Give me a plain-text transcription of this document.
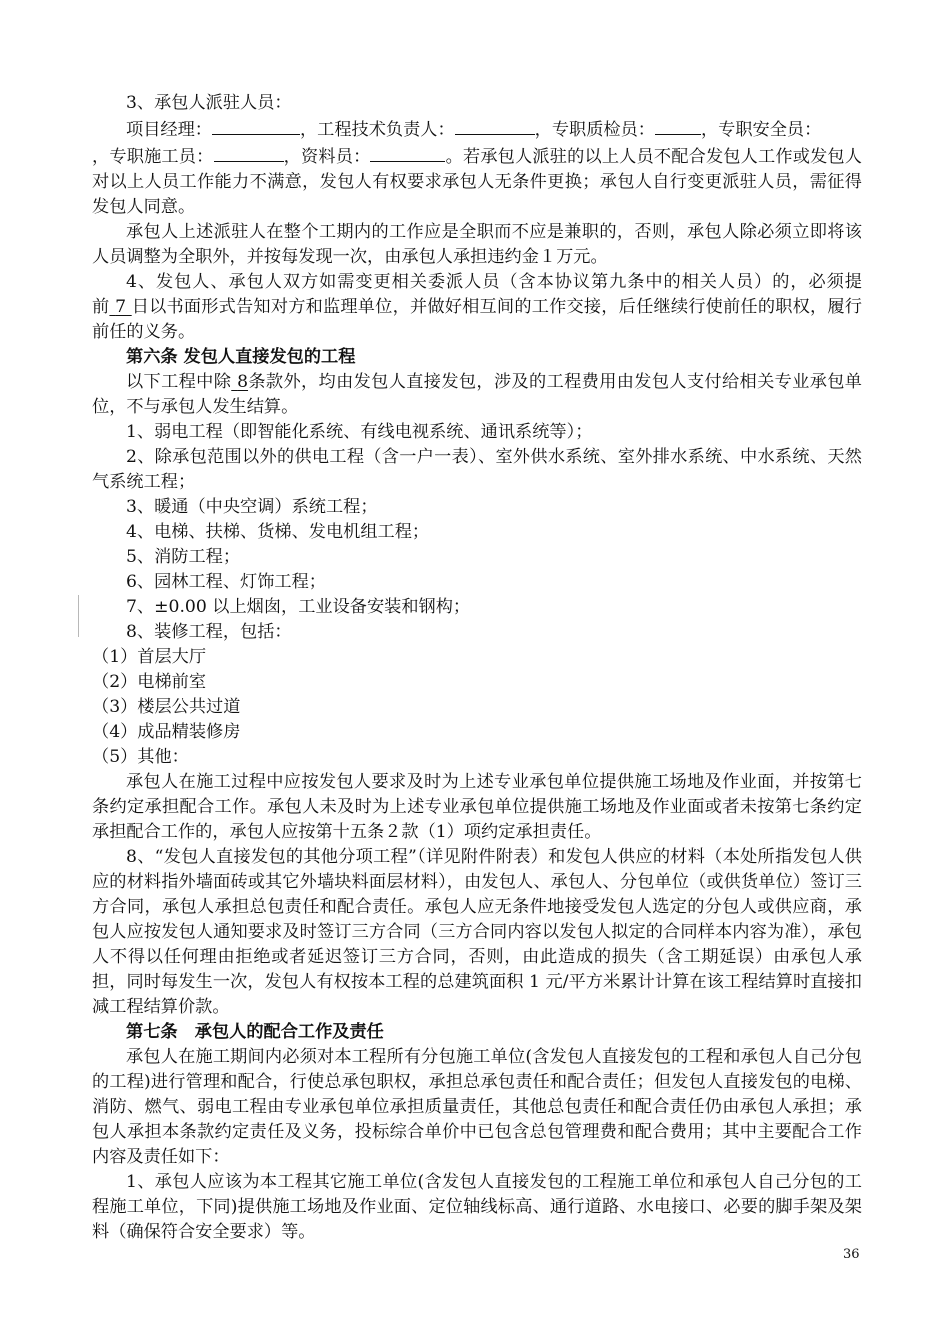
3、承包人派驻人员：

项目经理：	，工程技术负责人：	，专职质检员：	，专职安全员：

，专职施工员：	，资料员：	。若承包人派驻的以上人员不配合发包人工作或发包人对以上人员工作能力不满意，发包人有权要求承包人无条件更换；承包人自行变更派驻人员，需征得发包人同意。

承包人上述派驻人在整个工期内的工作应是全职而不应是兼职的，否则，承包人除必须立即将该人员调整为全职外，并按每发现一次，由承包人承担违约金１万元。

4、发包人、承包人双方如需变更相关委派人员（含本协议第九条中的相关人员）的，必须提前 7 日以书面形式告知对方和监理单位，并做好相互间的工作交接，后任继续行使前任的职权，履行前任的义务。

第六条 发包人直接发包的工程

以下工程中除 8条款外，均由发包人直接发包，涉及的工程费用由发包人支付给相关专业承包单位，不与承包人发生结算。

1、弱电工程（即智能化系统、有线电视系统、通讯系统等）；

2、除承包范围以外的供电工程（含一户一表）、室外供水系统、室外排水系统、中水系统、天然气系统工程；

3、暖通（中央空调）系统工程；

4、电梯、扶梯、货梯、发电机组工程；

5、消防工程；

6、园林工程、灯饰工程；

7、±0.00 以上烟囱，工业设备安装和钢构；

8、装修工程，包括：

（1）首层大厅

（2）电梯前室

（3）楼层公共过道

（4）成品精装修房

（5）其他：

承包人在施工过程中应按发包人要求及时为上述专业承包单位提供施工场地及作业面，并按第七条约定承担配合工作。承包人未及时为上述专业承包单位提供施工场地及作业面或者未按第七条约定承担配合工作的，承包人应按第十五条２款（1）项约定承担责任。

8、“发包人直接发包的其他分项工程”（详见附件附表）和发包人供应的材料（本处所指发包人供应的材料指外墙面砖或其它外墙块料面层材料），由发包人、承包人、分包单位（或供货单位）签订三方合同，承包人承担总包责任和配合责任。承包人应无条件地接受发包人选定的分包人或供应商，承包人应按发包人通知要求及时签订三方合同（三方合同内容以发包人拟定的合同样本内容为准），承包人不得以任何理由拒绝或者延迟签订三方合同，否则，由此造成的损失（含工期延误）由承包人承担，同时每发生一次，发包人有权按本工程的总建筑面积 1 元/平方米累计计算在该工程结算时直接扣减工程结算价款。

第七条　承包人的配合工作及责任

承包人在施工期间内必须对本工程所有分包施工单位(含发包人直接发包的工程和承包人自己分包的工程)进行管理和配合，行使总承包职权，承担总承包责任和配合责任；但发包人直接发包的电梯、消防、燃气、弱电工程由专业承包单位承担质量责任，其他总包责任和配合责任仍由承包人承担；承包人承担本条款约定责任及义务，投标综合单价中已包含总包管理费和配合费用；其中主要配合工作内容及责任如下：

1、承包人应该为本工程其它施工单位(含发包人直接发包的工程施工单位和承包人自己分包的工程施工单位，下同)提供施工场地及作业面、定位轴线标高、通行道路、水电接口、必要的脚手架及架料（确保符合安全要求）等。

36
